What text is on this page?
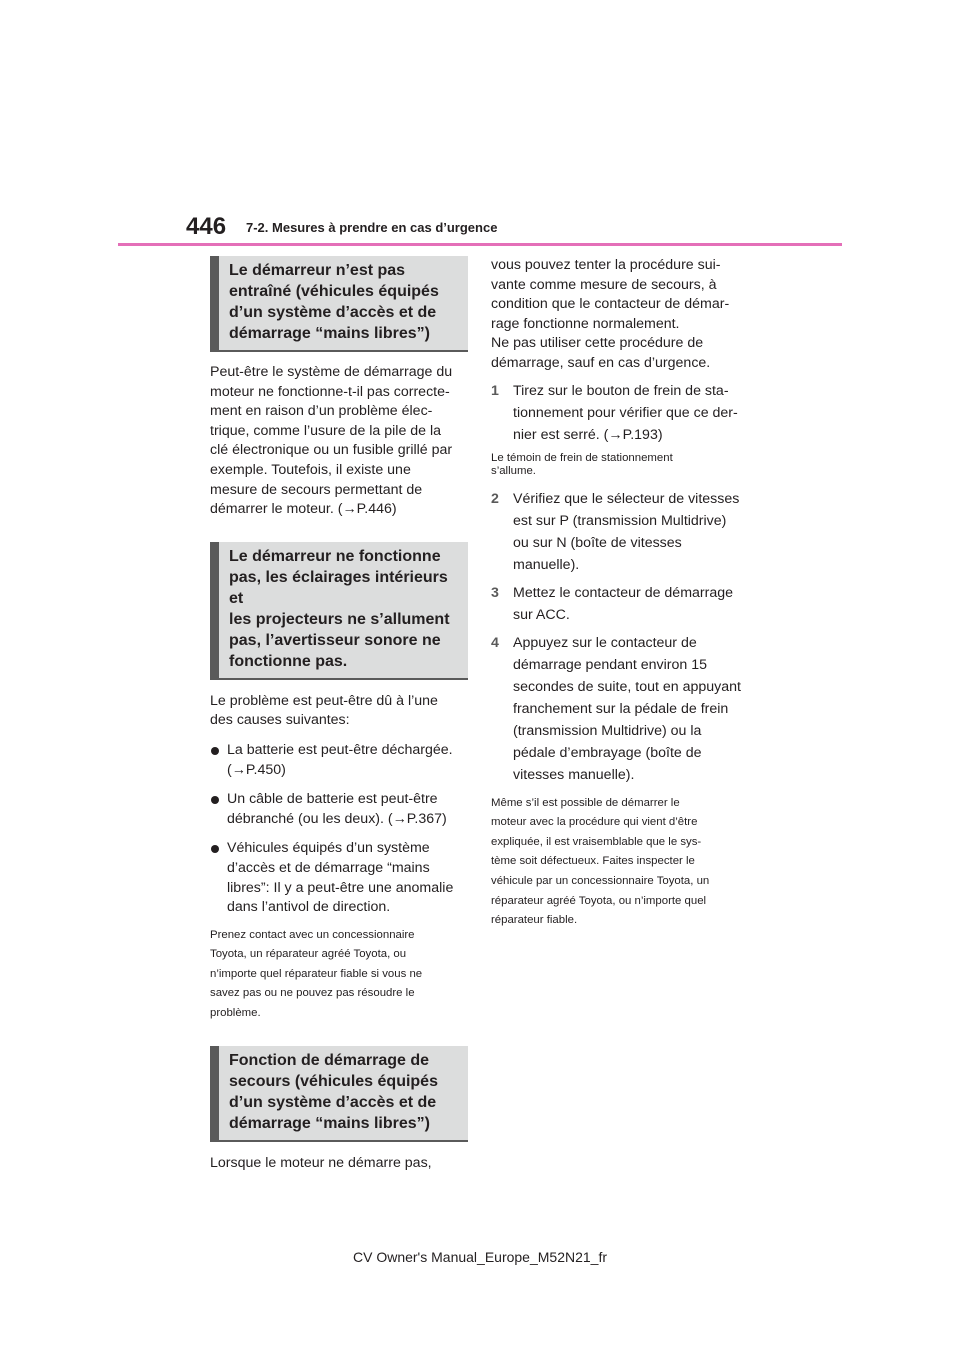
446 7-2. Mesures à prendre en cas d’urgence
Le démarreur n’est pas
entraîné (véhicules équipés
d’un système d’accès et de
démarrage “mains libres”)
Peut-être le système de démarrage du
moteur ne fonctionne-t-il pas correcte-
ment en raison d’un problème élec-
trique, comme l’usure de la pile de la
clé électronique ou un fusible grillé par
exemple. Toutefois, il existe une
mesure de secours permettant de
démarrer le moteur. (→P.446)
Le démarreur ne fonctionne
pas, les éclairages intérieurs et
les projecteurs ne s’allument
pas, l’avertisseur sonore ne
fonctionne pas.
Le problème est peut-être dû à l’une
des causes suivantes:
La batterie est peut-être déchargée.
(→P.450)
Un câble de batterie est peut-être
débranché (ou les deux). (→P.367)
Véhicules équipés d’un système
d’accès et de démarrage “mains
libres”: Il y a peut-être une anomalie
dans l’antivol de direction.
Prenez contact avec un concessionnaire
Toyota, un réparateur agréé Toyota, ou
n’importe quel réparateur fiable si vous ne
savez pas ou ne pouvez pas résoudre le
problème.
Fonction de démarrage de
secours (véhicules équipés
d’un système d’accès et de
démarrage “mains libres”)
Lorsque le moteur ne démarre pas,
vous pouvez tenter la procédure sui-
vante comme mesure de secours, à
condition que le contacteur de démar-
rage fonctionne normalement.
Ne pas utiliser cette procédure de
démarrage, sauf en cas d’urgence.
1 Tirez sur le bouton de frein de sta-
tionnement pour vérifier que ce der-
nier est serré. (→P.193)
Le témoin de frein de stationnement
s’allume.
2 Vérifiez que le sélecteur de vitesses
est sur P (transmission Multidrive)
ou sur N (boîte de vitesses
manuelle).
3 Mettez le contacteur de démarrage
sur ACC.
4 Appuyez sur le contacteur de
démarrage pendant environ 15
secondes de suite, tout en appuyant
franchement sur la pédale de frein
(transmission Multidrive) ou la
pédale d’embrayage (boîte de
vitesses manuelle).
Même s’il est possible de démarrer le
moteur avec la procédure qui vient d’être
expliquée, il est vraisemblable que le sys-
tème soit défectueux. Faites inspecter le
véhicule par un concessionnaire Toyota, un
réparateur agréé Toyota, ou n’importe quel
réparateur fiable.
CV Owner's Manual_Europe_M52N21_fr
